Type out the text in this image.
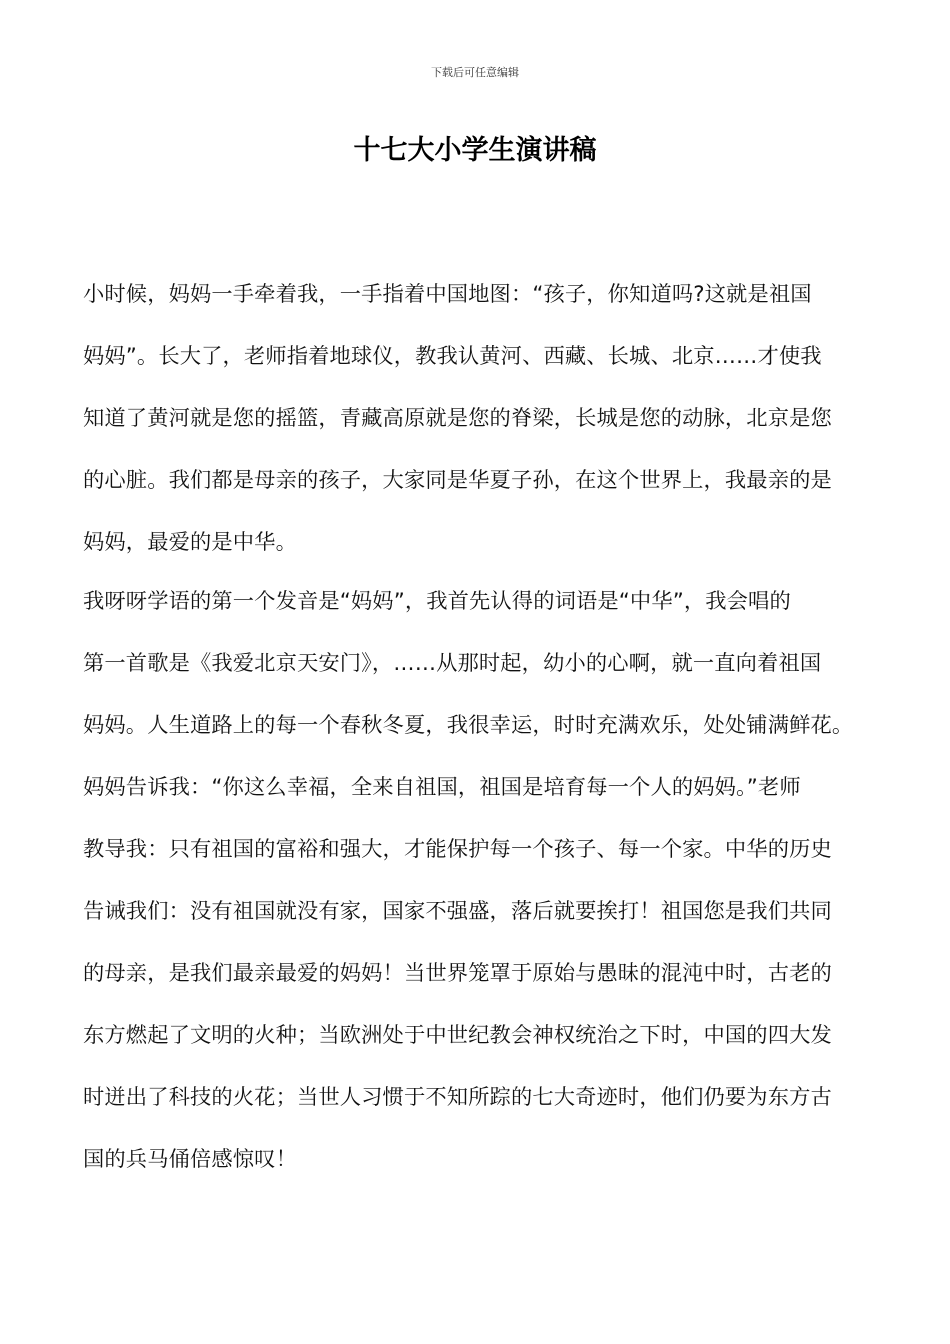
下载后可任意编辑
十七大小学生演讲稿
小时候，妈妈一手牵着我，一手指着中国地图：“孩子，你知道吗?这就是祖国
妈妈”。长大了，老师指着地球仪，教我认黄河、西藏、长城、北京……才使我
知道了黄河就是您的摇篮，青藏高原就是您的脊梁，长城是您的动脉，北京是您
的心脏。我们都是母亲的孩子，大家同是华夏子孙，在这个世界上，我最亲的是
妈妈，最爱的是中华。
我呀呀学语的第一个发音是“妈妈”，我首先认得的词语是“中华”，我会唱的
第一首歌是《我爱北京天安门》，……从那时起，幼小的心啊，就一直向着祖国
妈妈。人生道路上的每一个春秋冬夏，我很幸运，时时充满欢乐，处处铺满鲜花。
妈妈告诉我：“你这么幸福，全来自祖国，祖国是培育每一个人的妈妈。”老师
教导我：只有祖国的富裕和强大，才能保护每一个孩子、每一个家。中华的历史
告诫我们：没有祖国就没有家，国家不强盛，落后就要挨打！祖国您是我们共同
的母亲，是我们最亲最爱的妈妈！当世界笼罩于原始与愚昧的混沌中时，古老的
东方燃起了文明的火种；当欧洲处于中世纪教会神权统治之下时，中国的四大发
时迸出了科技的火花；当世人习惯于不知所踪的七大奇迹时，他们仍要为东方古
国的兵马俑倍感惊叹！
